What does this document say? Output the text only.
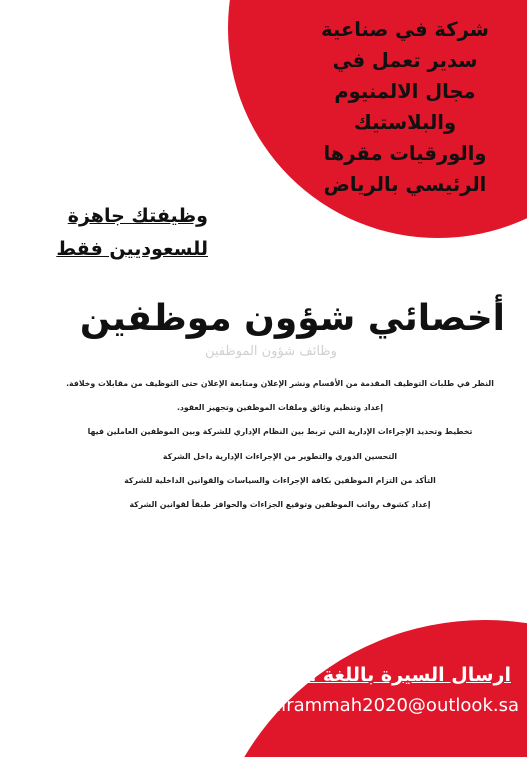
شركة في صناعية
سدير تعمل في
مجال الالمنيوم
والبلاستيك
والورقيات مقرها
الرئيسي بالرياض
وظيفتك جاهزة
للسعوديين فقط
أخصائي شؤون موظفين
وظائف شؤون الموظفين
النظر في طلبات التوظيف المقدمة من الأقسام ونشر الإعلان ومتابعة الإعلان حتى التوظيف من مقابلات وخلافة.
إعداد وتنظيم وثائق وملفات الموظفين وتجهيز العقود.
تخطيط وتحديد الإجراءات الإدارية التي تربط بين النظام الإداري للشركة وبين الموظفين العاملين فيها
التحسين الدوري والتطوير من الإجراءات الإدارية داخل الشركة
التأكد من التزام الموظفين بكافة الإجراءات والسياسات والقوانين الداخلية للشركة
إعداد كشوف رواتب الموظفين وتوقيع الجزاءات والحوافز طبقاً لقوانين الشركة
ارسال السيرة باللغة العربية
alrammah2020@outlook.sa
